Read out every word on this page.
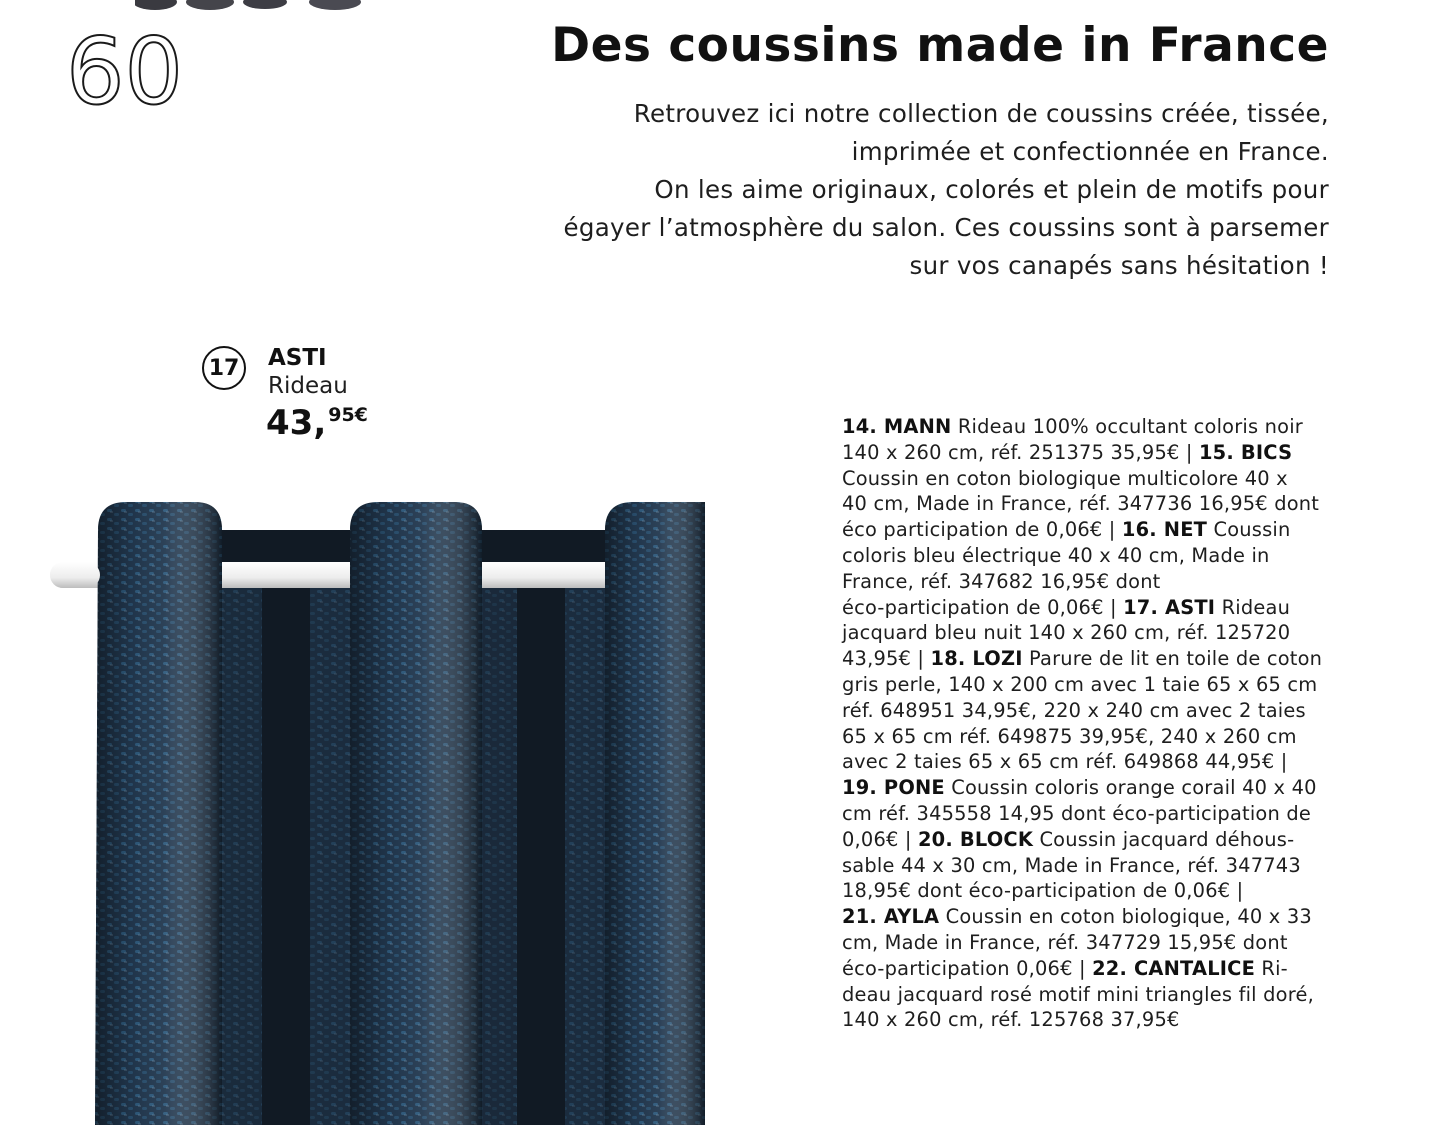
60	Des coussins made in France
Retrouvez ici notre collection de coussins créée, tissée,
imprimée et confectionnée en France.
On les aime originaux, colorés et plein de motifs pour
égayer l’atmosphère du salon. Ces coussins sont à parsemer
sur vos canapés sans hésitation !
17 ASTI
Rideau
43, $^{95€}$	14. MANN Rideau 100% occultant coloris noir
140 x 260 cm, réf. 251375 35,95€ | 15. BICS
Coussin en coton biologique multicolore 40 x
40 cm, Made in France, réf. 347736 16,95€ dont
éco participation de 0,06€ | 16. NET Coussin
coloris bleu électrique 40 x 40 cm, Made in
France, réf. 347682 16,95€ dont
éco-participation de 0,06€ | 17. ASTI Rideau
jacquard bleu nuit 140 x 260 cm, réf. 125720
43,95€ | 18. LOZI Parure de lit en toile de coton
gris perle, 140 x 200 cm avec 1 taie 65 x 65 cm
réf. 648951 34,95€, 220 x 240 cm avec 2 taies
65 x 65 cm réf. 649875 39,95€, 240 x 260 cm
avec 2 taies 65 x 65 cm réf. 649868 44,95€ |
19. PONE Coussin coloris orange corail 40 x 40
cm réf. 345558 14,95 dont éco-participation de
0,06€ | 20. BLOCK Coussin jacquard déhous-
sable 44 x 30 cm, Made in France, réf. 347743
18,95€ dont éco-participation de 0,06€ |
21. AYLA Coussin en coton biologique, 40 x 33
cm, Made in France, réf. 347729 15,95€ dont
éco-participation 0,06€ | 22. CANTALICE Ri-
deau jacquard rosé motif mini triangles fil doré,
140 x 260 cm, réf. 125768 37,95€
